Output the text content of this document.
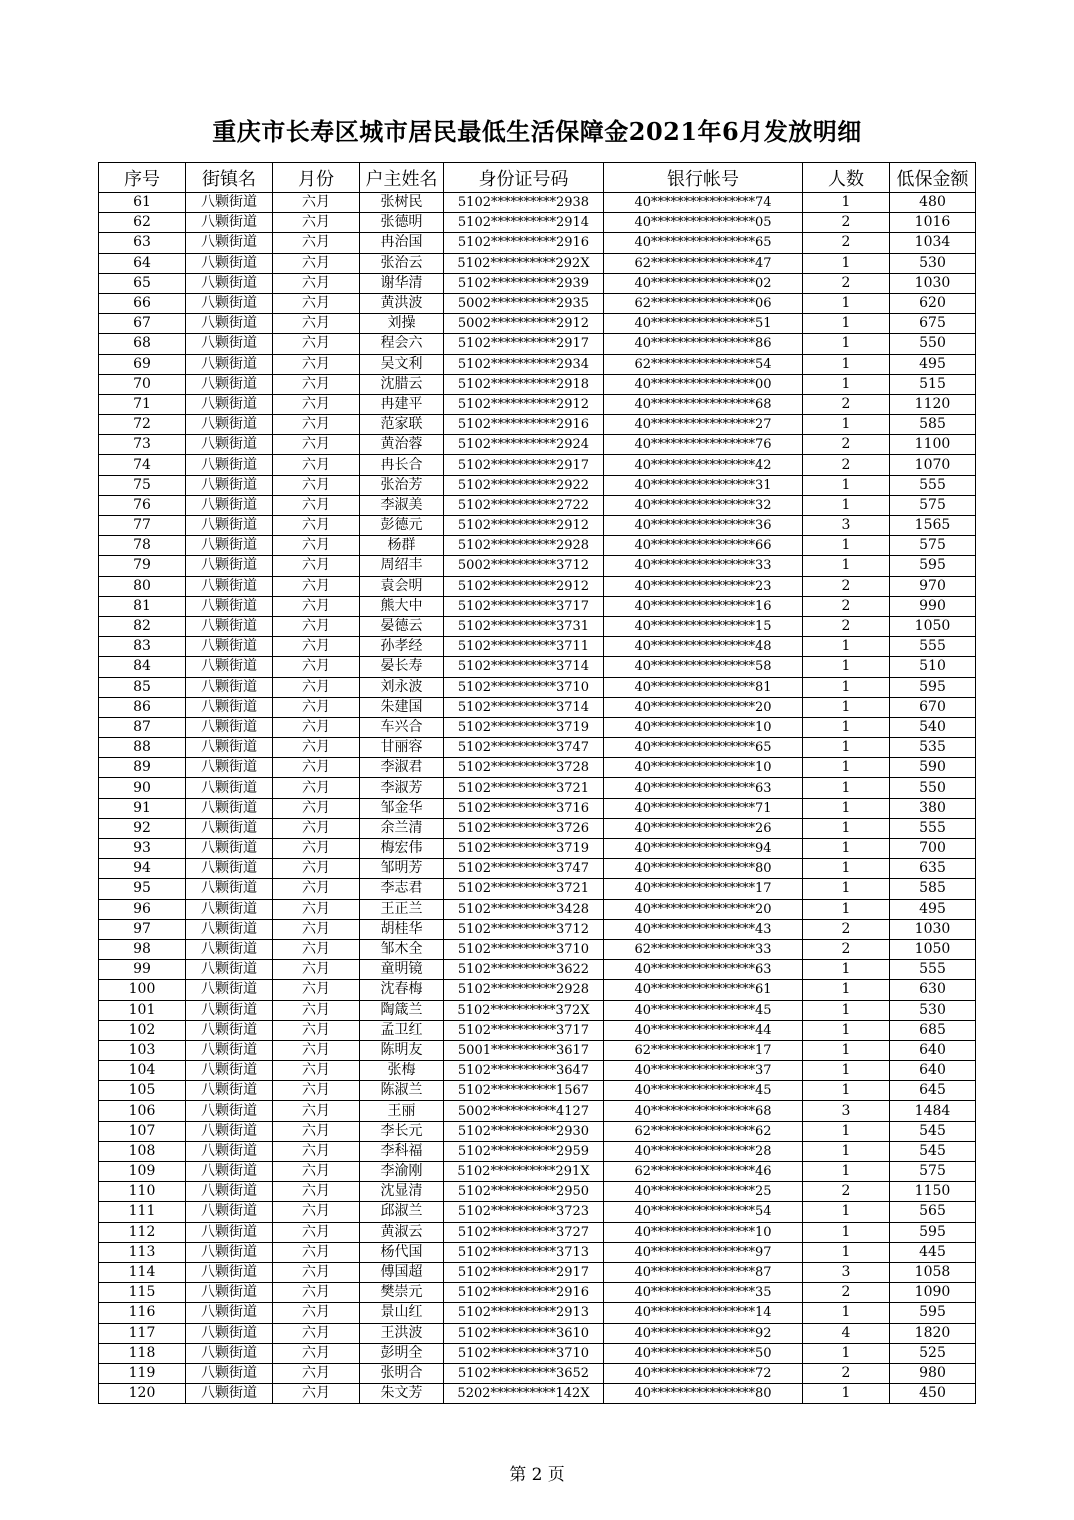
重庆市长寿区城市居民最低生活保障金2021年6月发放明细
序号	街镇名	月份	户主姓名	身份证号码	银行帐号	人数	低保金额
61	八颗街道	六月	张树民	5102**********2938	40****************74	1	480
62	八颗街道	六月	张德明	5102**********2914	40****************05	2	1016
63	八颗街道	六月	冉治国	5102**********2916	40****************65	2	1034
64	八颗街道	六月	张治云	5102**********292X	62****************47	1	530
65	八颗街道	六月	谢华清	5102**********2939	40****************02	2	1030
66	八颗街道	六月	黄洪波	5002**********2935	62****************06	1	620
67	八颗街道	六月	刘操	5002**********2912	40****************51	1	675
68	八颗街道	六月	程会六	5102**********2917	40****************86	1	550
69	八颗街道	六月	吴文利	5102**********2934	62****************54	1	495
70	八颗街道	六月	沈腊云	5102**********2918	40****************00	1	515
71	八颗街道	六月	冉建平	5102**********2912	40****************68	2	1120
72	八颗街道	六月	范家联	5102**********2916	40****************27	1	585
73	八颗街道	六月	黄治蓉	5102**********2924	40****************76	2	1100
74	八颗街道	六月	冉长合	5102**********2917	40****************42	2	1070
75	八颗街道	六月	张治芳	5102**********2922	40****************31	1	555
76	八颗街道	六月	李淑美	5102**********2722	40****************32	1	575
77	八颗街道	六月	彭德元	5102**********2912	40****************36	3	1565
78	八颗街道	六月	杨群	5102**********2928	40****************66	1	575
79	八颗街道	六月	周绍丰	5002**********3712	40****************33	1	595
80	八颗街道	六月	袁会明	5102**********2912	40****************23	2	970
81	八颗街道	六月	熊大中	5102**********3717	40****************16	2	990
82	八颗街道	六月	晏德云	5102**********3731	40****************15	2	1050
83	八颗街道	六月	孙孝经	5102**********3711	40****************48	1	555
84	八颗街道	六月	晏长寿	5102**********3714	40****************58	1	510
85	八颗街道	六月	刘永波	5102**********3710	40****************81	1	595
86	八颗街道	六月	朱建国	5102**********3714	40****************20	1	670
87	八颗街道	六月	车兴合	5102**********3719	40****************10	1	540
88	八颗街道	六月	甘丽容	5102**********3747	40****************65	1	535
89	八颗街道	六月	李淑君	5102**********3728	40****************10	1	590
90	八颗街道	六月	李淑芳	5102**********3721	40****************63	1	550
91	八颗街道	六月	邹金华	5102**********3716	40****************71	1	380
92	八颗街道	六月	余兰清	5102**********3726	40****************26	1	555
93	八颗街道	六月	梅宏伟	5102**********3719	40****************94	1	700
94	八颗街道	六月	邹明芳	5102**********3747	40****************80	1	635
95	八颗街道	六月	李志君	5102**********3721	40****************17	1	585
96	八颗街道	六月	王正兰	5102**********3428	40****************20	1	495
97	八颗街道	六月	胡桂华	5102**********3712	40****************43	2	1030
98	八颗街道	六月	邹木全	5102**********3710	62****************33	2	1050
99	八颗街道	六月	童明镜	5102**********3622	40****************63	1	555
100	八颗街道	六月	沈春梅	5102**********2928	40****************61	1	630
101	八颗街道	六月	陶箴兰	5102**********372X	40****************45	1	530
102	八颗街道	六月	孟卫红	5102**********3717	40****************44	1	685
103	八颗街道	六月	陈明友	5001**********3617	62****************17	1	640
104	八颗街道	六月	张梅	5102**********3647	40****************37	1	640
105	八颗街道	六月	陈淑兰	5102**********1567	40****************45	1	645
106	八颗街道	六月	王丽	5002**********4127	40****************68	3	1484
107	八颗街道	六月	李长元	5102**********2930	62****************62	1	545
108	八颗街道	六月	李科福	5102**********2959	40****************28	1	545
109	八颗街道	六月	李渝刚	5102**********291X	62****************46	1	575
110	八颗街道	六月	沈显清	5102**********2950	40****************25	2	1150
111	八颗街道	六月	邱淑兰	5102**********3723	40****************54	1	565
112	八颗街道	六月	黄淑云	5102**********3727	40****************10	1	595
113	八颗街道	六月	杨代国	5102**********3713	40****************97	1	445
114	八颗街道	六月	傅国超	5102**********2917	40****************87	3	1058
115	八颗街道	六月	樊崇元	5102**********2916	40****************35	2	1090
116	八颗街道	六月	景山红	5102**********2913	40****************14	1	595
117	八颗街道	六月	王洪波	5102**********3610	40****************92	4	1820
118	八颗街道	六月	彭明全	5102**********3710	40****************50	1	525
119	八颗街道	六月	张明合	5102**********3652	40****************72	2	980
120	八颗街道	六月	朱文芳	5202**********142X	40****************80	1	450
第 2 页
